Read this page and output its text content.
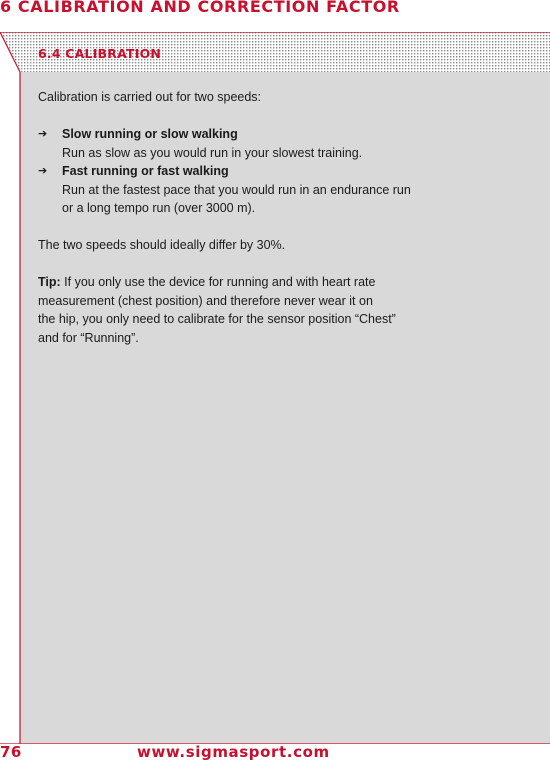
6 CALIBRATION AND CORRECTION FACTOR
6.4 CALIBRATION

Calibration is carried out for two speeds:

➔ Slow running or slow walking
Run as slow as you would run in your slowest training.
➔ Fast running or fast walking
Run at the fastest pace that you would run in an endurance run
or a long tempo run (over 3000 m).

The two speeds should ideally differ by 30%.

Tip: If you only use the device for running and with heart rate
measurement (chest position) and therefore never wear it on
the hip, you only need to calibrate for the sensor position “Chest”
and for “Running”.

76	www.sigmasport.com
